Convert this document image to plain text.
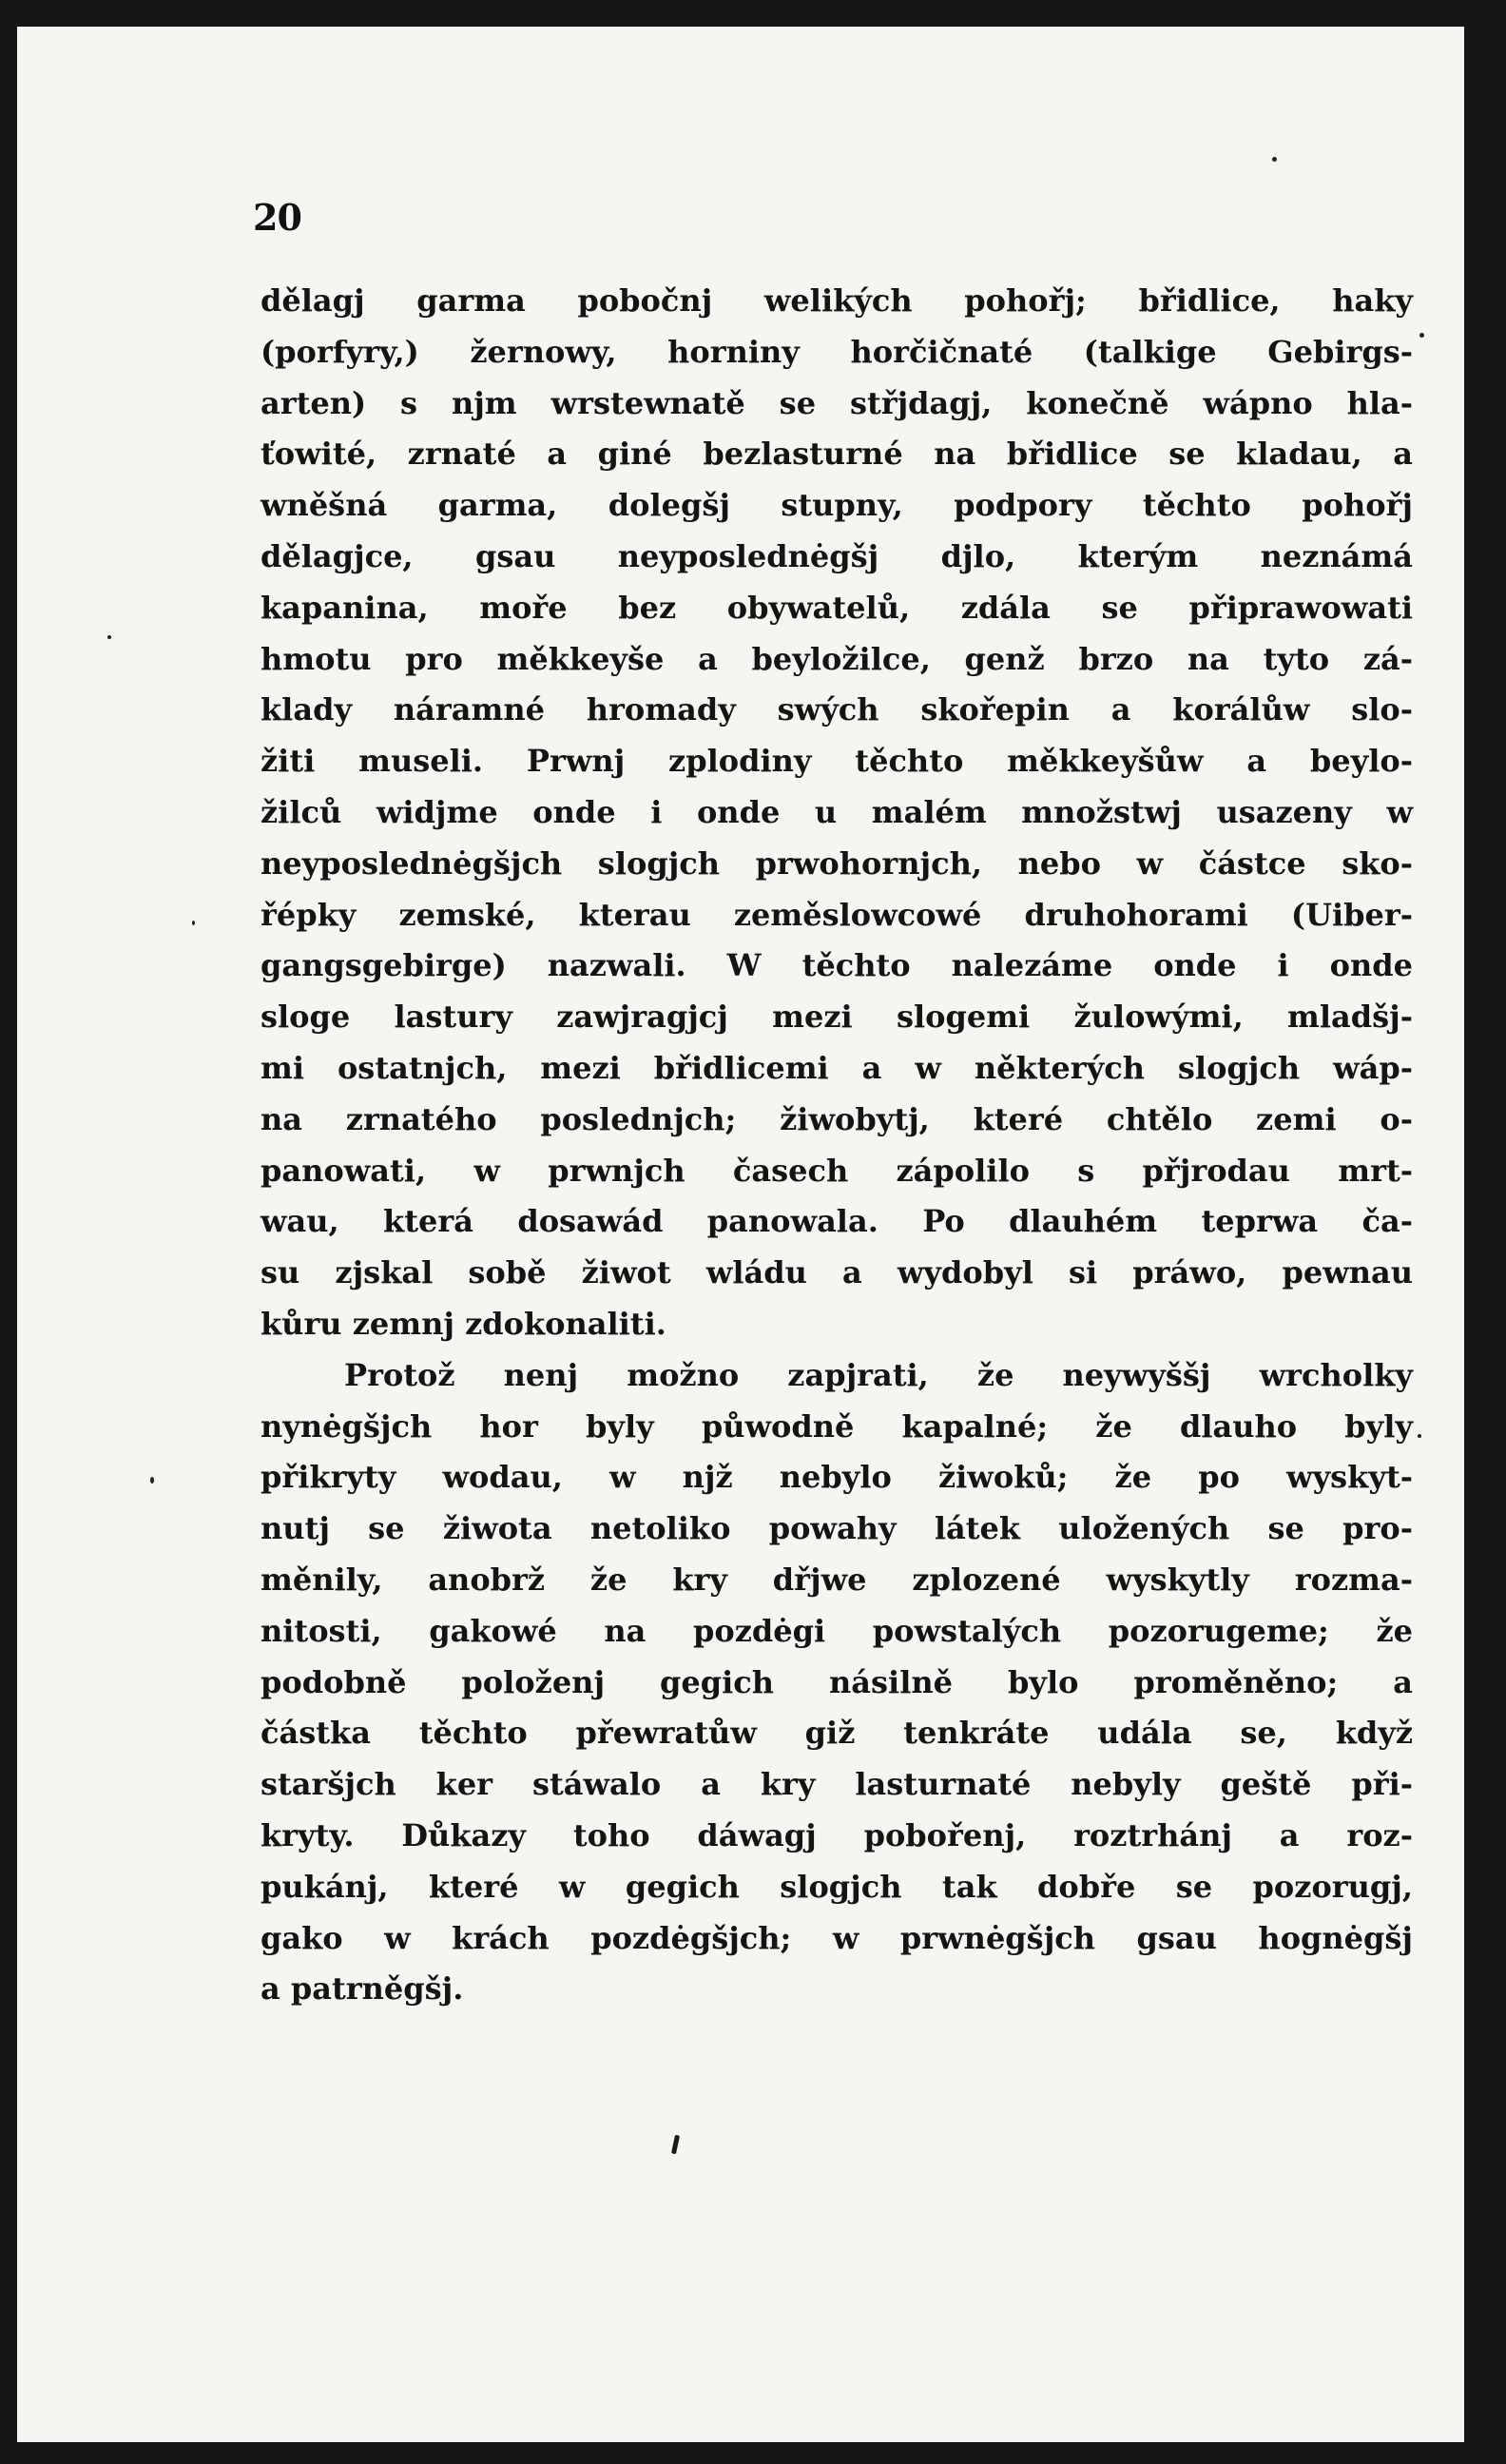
20
dělagj garma pobočnj welikých pohořj; břidlice, haky
(porfyry,) žernowy, horniny horčičnaté (talkige Gebirgs-
arten) s njm wrstewnatě se střjdagj, konečně wápno hla-
ťowité, zrnaté a giné bezlasturné na břidlice se kladau, a
wněšná garma, dolegšj stupny, podpory těchto pohořj
dělagjce, gsau neyposlednėgšj djlo, kterým neznámá
kapanina, moře bez obywatelů, zdála se připrawowati
hmotu pro měkkeyše a beyložilce, genž brzo na tyto zá-
klady náramné hromady swých skořepin a korálůw slo-
žiti museli. Prwnj zplodiny těchto měkkeyšůw a beylo-
žilců widjme onde i onde u malém množstwj usazeny w
neyposlednėgšjch slogjch prwohornjch, nebo w částce sko-
řépky zemské, kterau zeměslowcowé druhohorami (Uiber-
gangsgebirge) nazwali. W těchto nalezáme onde i onde
sloge lastury zawjragjcj mezi slogemi žulowými, mladšj-
mi ostatnjch, mezi břidlicemi a w některých slogjch wáp-
na zrnatého poslednjch; žiwobytj, které chtělo zemi o-
panowati, w prwnjch časech zápolilo s přjrodau mrt-
wau, která dosawád panowala. Po dlauhém teprwa ča-
su zjskal sobě žiwot wládu a wydobyl si práwo, pewnau
kůru zemnj zdokonaliti.
Protož nenj možno zapjrati, že neywyššj wrcholky
nynėgšjch hor byly půwodně kapalné; že dlauho byly
přikryty wodau, w njž nebylo žiwoků; že po wyskyt-
nutj se žiwota netoliko powahy látek uložených se pro-
měnily, anobrž že kry dřjwe zplozené wyskytly rozma-
nitosti, gakowé na pozdėgi powstalých pozorugeme; že
podobně položenj gegich násilně bylo proměněno; a
částka těchto přewratůw giž tenkráte udála se, když
staršjch ker stáwalo a kry lasturnaté nebyly geště při-
kryty. Důkazy toho dáwagj pobořenj, roztrhánj a roz-
pukánj, které w gegich slogjch tak dobře se pozorugj,
gako w krách pozdėgšjch; w prwnėgšjch gsau hognėgšj
a patrněgšj.
